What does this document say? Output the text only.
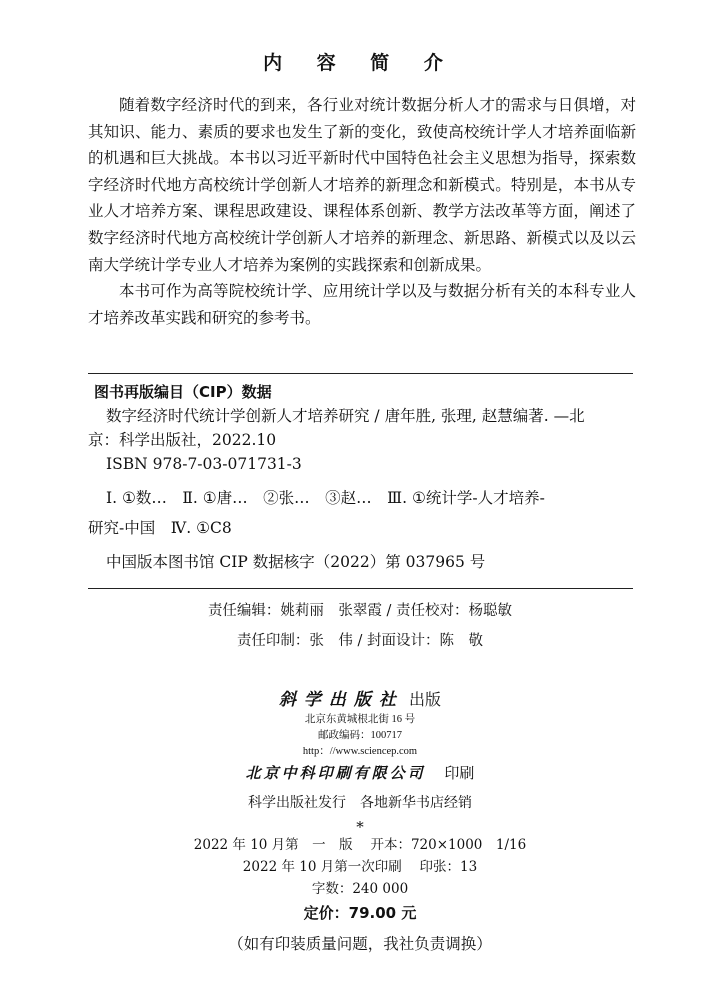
内 容 简 介

随着数字经济时代的到来，各行业对统计数据分析人才的需求与日俱增，对其知识、能力、素质的要求也发生了新的变化，致使高校统计学人才培养面临新的机遇和巨大挑战。本书以习近平新时代中国特色社会主义思想为指导，探索数字经济时代地方高校统计学创新人才培养的新理念和新模式。特别是，本书从专业人才培养方案、课程思政建设、课程体系创新、教学方法改革等方面，阐述了数字经济时代地方高校统计学创新人才培养的新理念、新思路、新模式以及以云南大学统计学专业人才培养为案例的实践探索和创新成果。

本书可作为高等院校统计学、应用统计学以及与数据分析有关的本科专业人才培养改革实践和研究的参考书。

图书再版编目（CIP）数据
数字经济时代统计学创新人才培养研究 / 唐年胜, 张理, 赵慧编著. —北
京：科学出版社，2022.10
ISBN 978-7-03-071731-3
Ⅰ. ①数…　Ⅱ. ①唐…　②张…　③赵…　Ⅲ. ①统计学-人才培养-
研究-中国　Ⅳ. ①C8
中国版本图书馆 CIP 数据核字（2022）第 037965 号
责任编辑：姚莉丽　张翠霞 / 责任校对：杨聪敏
责任印制：张　伟 / 封面设计：陈　敬
斜学出版社 出版
北京东黄城根北街 16 号
邮政编码：100717
http：//www.sciencep.com
北京中科印刷有限公司 印刷
科学出版社发行　各地新华书店经销
*
2022 年 10 月第　一　版　 开本：720×1000　1/16
2022 年 10 月第一次印刷　 印张：13
字数：240 000
定价：79.00 元
（如有印装质量问题，我社负责调换）
